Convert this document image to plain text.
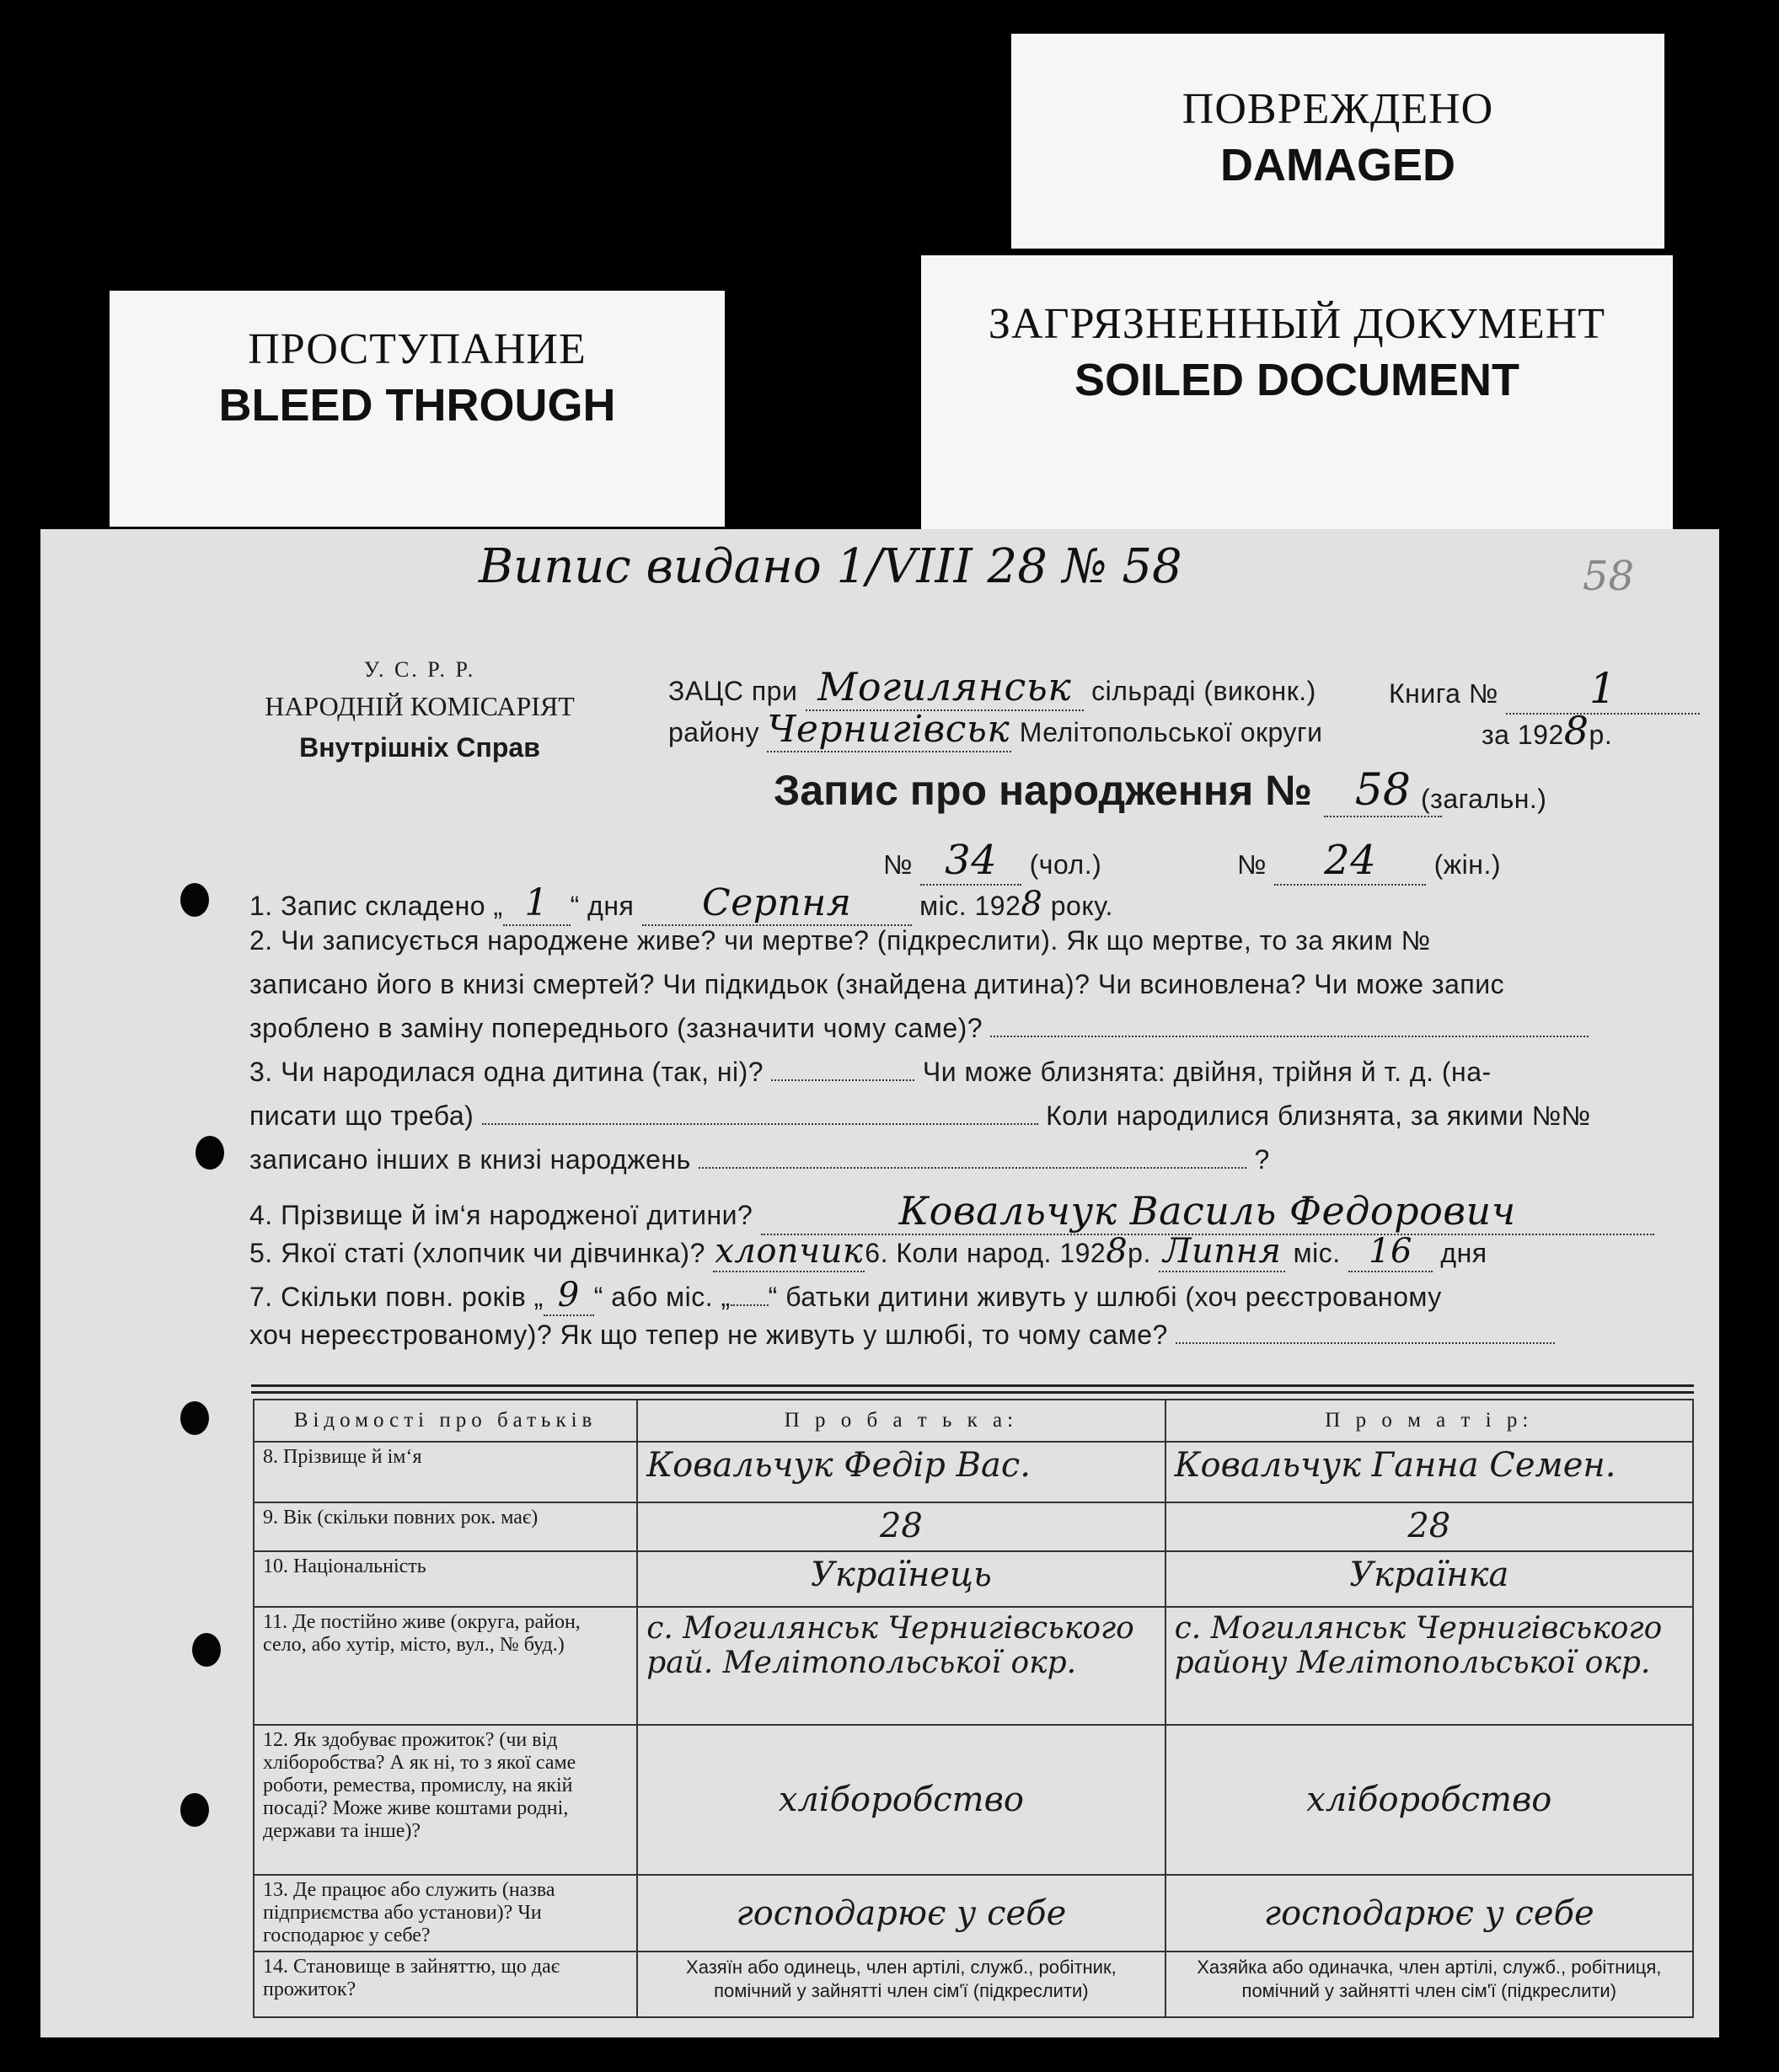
ПРОСТУПАНИЕ
BLEED THROUGH
ПОВРЕЖДЕНО
DAMAGED
ЗАГРЯЗНЕННЫЙ ДОКУМЕНТ
SOILED DOCUMENT
Випис видано 1/VIII 28 № 58	58
У. С. Р. Р.
НАРОДНІЙ КОМІСАРІЯТ
Внутрішніх Справ
ЗАЦС при Могилянськ сільраді (виконк.)	Книга № 1
району Чернигівськ Мелітопольської округи	за 1928р.
Запис про народження № 58 (загальн.)
№ 34 (чол.)	№ 24 (жін.)
1. Запис складено „ 1 “ дня Серпня	міс. 1928 року.
2. Чи записується народжене живе? чи мертве? (підкреслити). Як що мертве, то за яким №
записано його в книзі смертей? Чи підкидьок (знайдена дитина)? Чи всиновлена? Чи може запис
зроблено в заміну попереднього (зазначити чому саме)?
3. Чи народилася одна дитина (так, ні)?	Чи може близнята: двійня, трійня й т. д. (на-
писати що треба)	Коли народилися близнята, за якими №№
записано інших в книзі народжень	?
4. Прізвище й ім‘я народженої дитини?	Ковальчук Василь Федорович
5. Якої статі (хлопчик чи дівчинка)? хлопчик6. Коли народ. 1928р. Липня міс. 16 дня
7. Скільки повн. років „ 9 “ або міс. „ “ батьки дитини живуть у шлюбі (хоч реєстрованому
хоч нереєстрованому)? Як що тепер не живуть у шлюбі, то чому саме?
Відомості про батьків	П р о б а т ь к а:	П р о м а т і р:
8. Прізвище й ім‘я	Ковальчук Федір Вас.	Ковальчук Ганна Семен.
9. Вік (скільки повних рок. має)	28	28
10. Національність	Українець	Українка
11. Де постійно живе (округа, район, село, або хутір, місто, вул., № буд.)	с. Могилянськ Чернигівського рай. Мелітопольської окр.	с. Могилянськ Чернигівського району Мелітопольської окр.
12. Як здобуває прожиток? (чи від хліборобства? А як ні, то з якої саме роботи, ремества, промислу, на якій посаді? Може живе коштами родні, держави та інше)?	хліборобство	хліборобство
13. Де працює або служить (назва підприємства або установи)? Чи господарює у себе?	господарює у себе	господарює у себе
14. Становище в зайняттю, що дає прожиток?	Хазяїн або одинець, член артілі, служб., робітник, помічний у зайнятті член сім'ї (підкреслити)	Хазяйка або одиначка, член артілі, служб., робітниця, помічний у зайнятті член сім'ї (підкреслити)
